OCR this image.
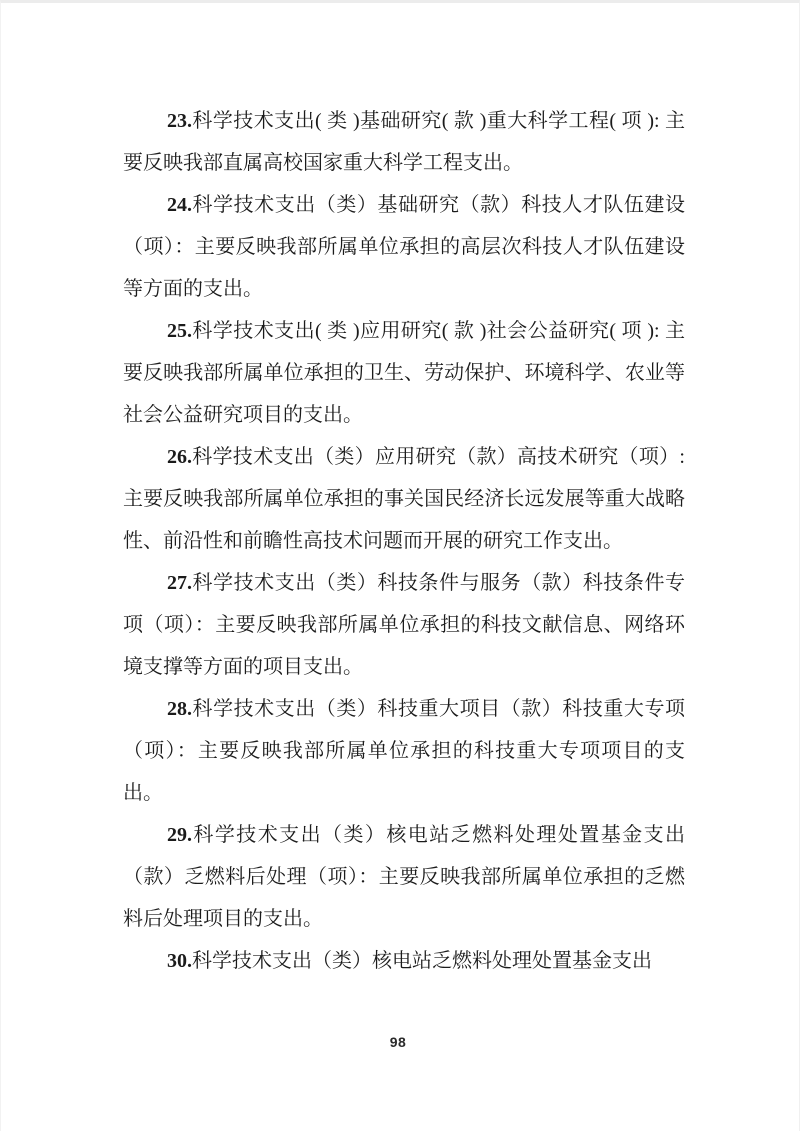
23.科学技术支出( 类 )基础研究( 款 )重大科学工程( 项 ): 主要反映我部直属高校国家重大科学工程支出。

24.科学技术支出（类）基础研究（款）科技人才队伍建设（项）：主要反映我部所属单位承担的高层次科技人才队伍建设等方面的支出。

25.科学技术支出( 类 )应用研究( 款 )社会公益研究( 项 ): 主要反映我部所属单位承担的卫生、劳动保护、环境科学、农业等社会公益研究项目的支出。

26.科学技术支出（类）应用研究（款）高技术研究（项）: 主要反映我部所属单位承担的事关国民经济长远发展等重大战略性、前沿性和前瞻性高技术问题而开展的研究工作支出。

27.科学技术支出（类）科技条件与服务（款）科技条件专项（项）：主要反映我部所属单位承担的科技文献信息、网络环境支撑等方面的项目支出。

28.科学技术支出（类）科技重大项目（款）科技重大专项（项）：主要反映我部所属单位承担的科技重大专项项目的支出。

29.科学技术支出（类）核电站乏燃料处理处置基金支出（款）乏燃料后处理（项）：主要反映我部所属单位承担的乏燃料后处理项目的支出。

30.科学技术支出（类）核电站乏燃料处理处置基金支出

98
